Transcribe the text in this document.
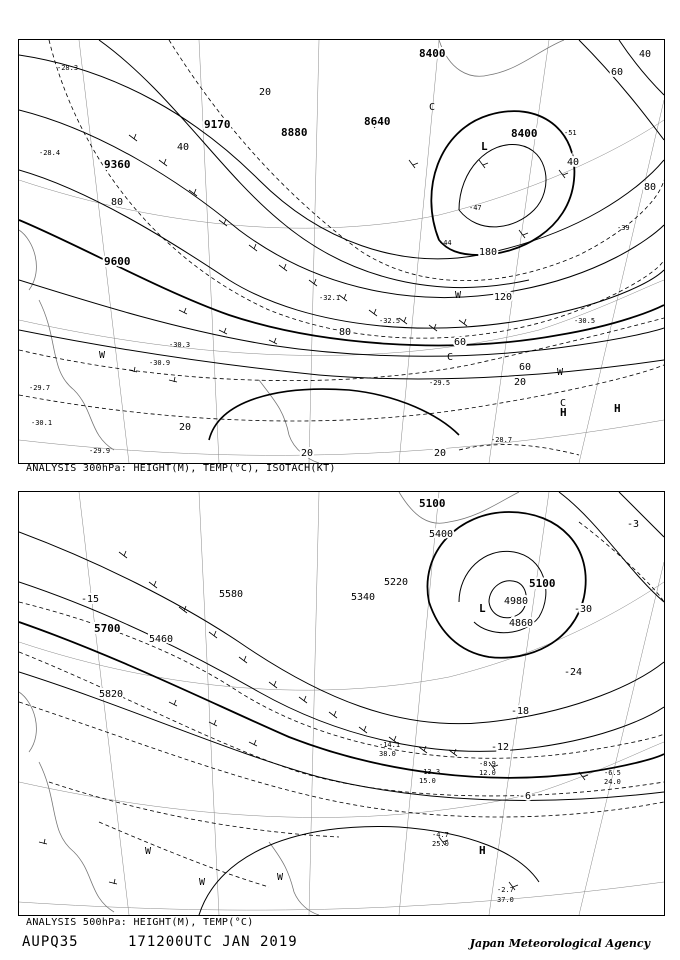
9360
9600
8640
8400
9170
8880
8400
40
80
60
120
180
20
40
60
80
80
40
20
20
20	20
60
-30.9
-29.5
-28.7
-30.5
-32.5
-29.9
-51
-47
-44
-39
-30.1
-29.7
-30.3
-32.1
-28.4
-28.3
L
H
H
C
C
C
W
W
W
ANALYSIS 300hPa: HEIGHT(M), TEMP(°C), ISOTACH(KT)
5700
5820
5580
5220
5340
5100
4980
4860
5100
5460
5400
-30
-24
-18
-12
-6
-15
-3
-4.7
25.0
-2.7
37.0
-6.5
24.0
-8.9
12.0
-14.1
38.0
-13.3
15.0
L
H
W
W	W
ANALYSIS 500hPa: HEIGHT(M), TEMP(°C)
AUPQ35	171200UTC JAN 2019	Japan Meteorological Agency
